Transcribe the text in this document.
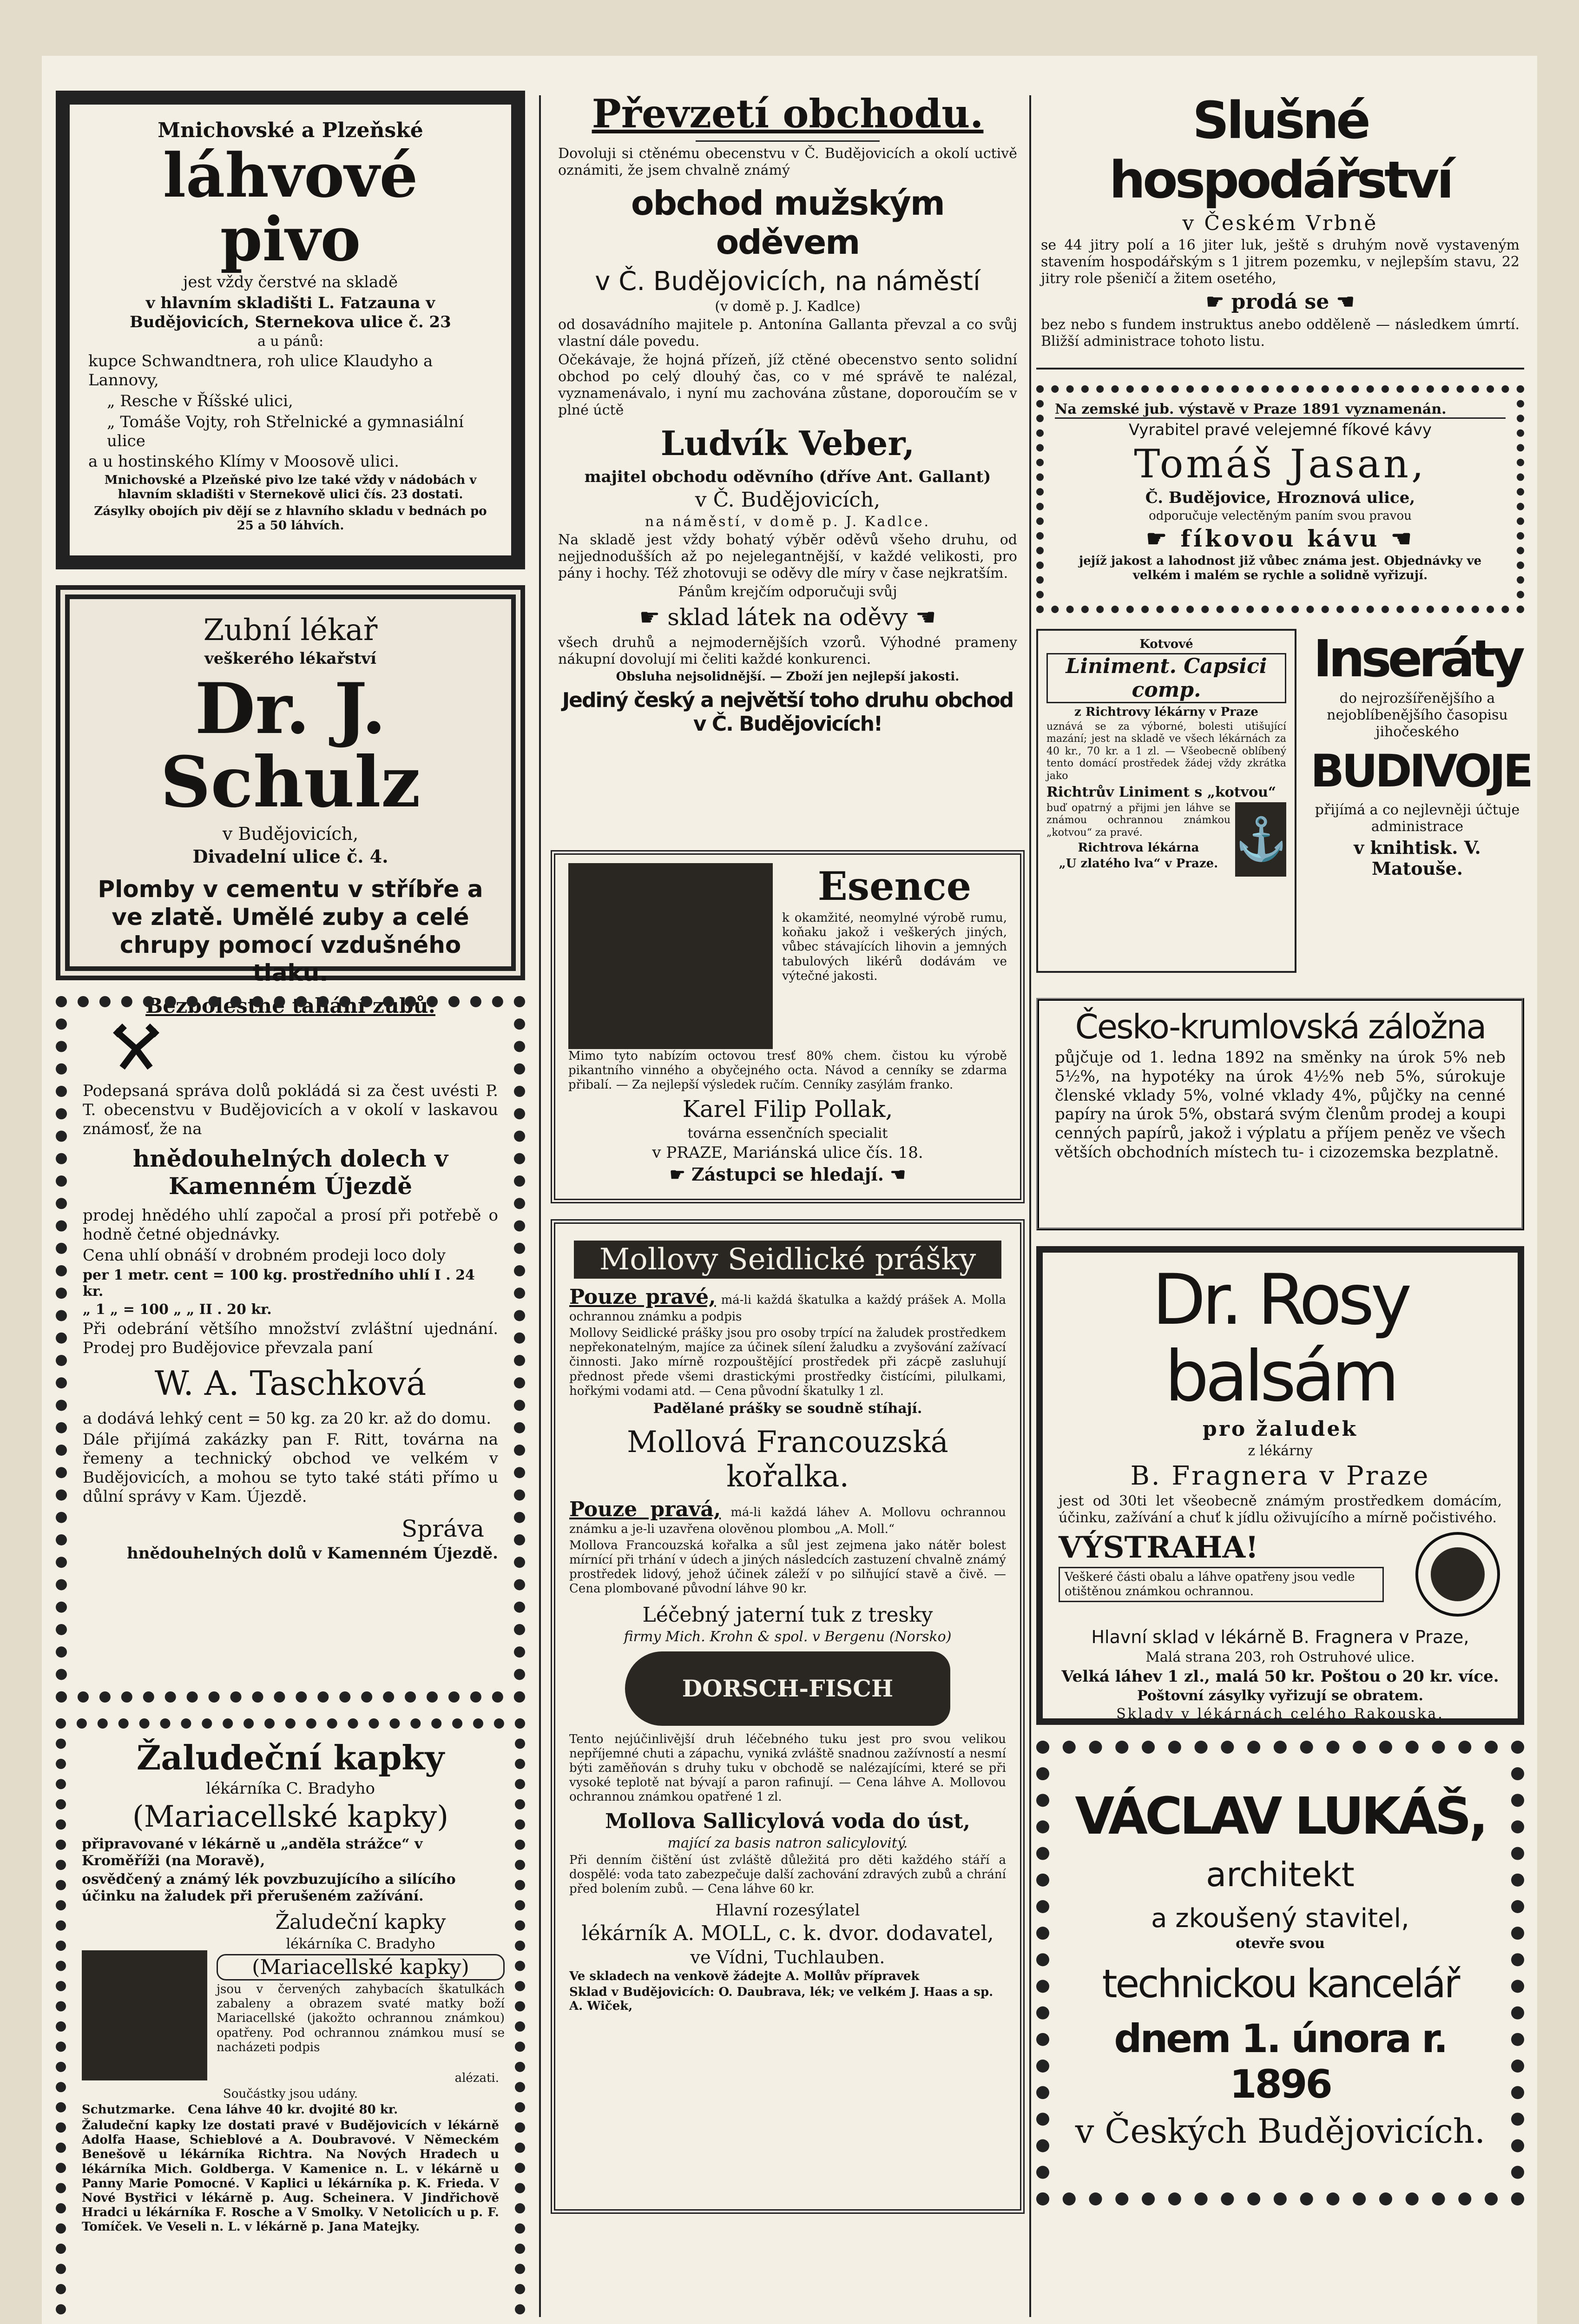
Mnichovské a Plzeňské

láhvové pivo

jest vždy čerstvé na skladě

v hlavním skladišti L. Fatzauna v Budějovicích, Sternekova ulice č. 23

a u pánů:

kupce Schwandtnera, roh ulice Klaudyho a Lannovy,

„ Resche v Říšské ulici,

„ Tomáše Vojty, roh Střelnické a gymnasiální ulice

a u hostinského Klímy v Moosově ulici.

Mnichovské a Plzeňské pivo lze také vždy v nádobách v hlavním skladišti v Sternekově ulici čís. 23 dostati.

Zásylky obojích piv dějí se z hlavního skladu v bednách po 25 a 50 láhvích.

Zubní lékař

veškerého lékařství

Dr. J. Schulz

v Budějovicích,

Divadelní ulice č. 4.

Plomby v cementu v stříbře a ve zlatě. Umělé zuby a celé chrupy pomocí vzdušného tlaku.

Bezbolestné tahání zubů.

Podepsaná správa dolů pokládá si za čest uvésti P. T. obecenstvu v Budějovicích a v okolí v laskavou známosť, že na

hnědouhelných dolech v Kamenném Újezdě

prodej hnědého uhlí započal a prosí při potřebě o hodně četné objednávky.

Cena uhlí obnáší v drobném prodeji loco doly

per 1 metr. cent = 100 kg. prostředního uhlí I . 24 kr.

„ 1 „ = 100 „ „ II . 20 kr.

Při odebrání většího množství zvláštní ujednání. Prodej pro Budějovice převzala paní

W. A. Taschková

a dodává lehký cent = 50 kg. za 20 kr. až do domu.

Dále přijímá zakázky pan F. Ritt, továrna na řemeny a technický obchod ve velkém v Budějovicích, a mohou se tyto také státi přímo u důlní správy v Kam. Újezdě.

Správa

hnědouhelných dolů v Kamenném Újezdě.

Žaludeční kapky

lékárníka C. Bradyho

(Mariacellské kapky)

připravované v lékárně u „anděla strážce“ v Kroměříži (na Moravě),

osvědčený a známý lék povzbuzujícího a silícího účinku na žaludek při přerušeném zažívání.

Žaludeční kapky

lékárníka C. Bradyho

(Mariacellské kapky)

jsou v červených zahybacích škatulkách zabaleny a obrazem svaté matky boží Mariacellské (jakožto ochrannou známkou) opatřeny. Pod ochrannou známkou musí se nacházeti podpis

alézati.

Součástky jsou udány.

Schutzmarke. Cena láhve 40 kr. dvojité 80 kr.

Žaludeční kapky lze dostati pravé v Budějovicích v lékárně Adolfa Haase, Schieblové a A. Doubravové. V Německém Benešově u lékárníka Richtra. Na Nových Hradech u lékárníka Mich. Goldberga. V Kamenice n. L. v lékárně u Panny Marie Pomocné. V Kaplici u lékárníka p. K. Frieda. V Nové Bystřici v lékárně p. Aug. Scheinera. V Jindřichově Hradci u lékárníka F. Rosche a V Smolky. V Netolicích u p. F. Tomíček. Ve Veseli n. L. v lékárně p. Jana Matejky.

Převzetí obchodu.

Dovoluji si ctěnému obecenstvu v Č. Budějovicích a okolí uctivě oznámiti, že jsem chvalně známý

obchod mužským oděvem

v Č. Budějovicích, na náměstí

(v domě p. J. Kadlce)

od dosavádního majitele p. Antonína Gallanta převzal a co svůj vlastní dále povedu.

Očekávaje, že hojná přízeň, jíž ctěné obecenstvo sento solidní obchod po celý dlouhý čas, co v mé správě te nalézal, vyznamenávalo, i nyní mu zachována zůstane, doporoučím se v plné úctě

Ludvík Veber,

majitel obchodu oděvního (dříve Ant. Gallant)

v Č. Budějovicích,

na náměstí, v domě p. J. Kadlce.

Na skladě jest vždy bohatý výběr oděvů všeho druhu, od nejjednodušších až po nejelegantnější, v každé velikosti, pro pány i hochy. Též zhotovuji se oděvy dle míry v čase nejkratším.

Pánům krejčím odporučuji svůj

☛ sklad látek na oděvy ☚

všech druhů a nejmodernějších vzorů. Výhodné prameny nákupní dovolují mi čeliti každé konkurenci.

Obsluha nejsolidnější. — Zboží jen nejlepší jakosti.

Jediný český a největší toho druhu obchod v Č. Budějovicích!

Esence

k okamžité, neomylné výrobě rumu, koňaku jakož i veškerých jiných, vůbec stávajících lihovin a jemných tabulových likérů dodávám ve výtečné jakosti.

Mimo tyto nabízím octovou tresť 80% chem. čistou ku výrobě pikantního vinného a obyčejného octa. Návod a cenníky se zdarma přibalí. — Za nejlepší výsledek ručím. Cenníky zasýlám franko.

Karel Filip Pollak,

továrna essenčních specialit

v PRAZE, Mariánská ulice čís. 18.

☛ Zástupci se hledají. ☚

Mollovy Seidlické prášky

Pouze pravé, má-li každá škatulka a každý prášek A. Molla ochrannou známku a podpis

Mollovy Seidlické prášky jsou pro osoby trpící na žaludek prostředkem nepřekonatelným, majíce za účinek sílení žaludku a zvyšování zažívací činnosti. Jako mírně rozpouštějící prostředek při zácpě zasluhují přednost přede všemi drastickými prostředky čistícími, pilulkami, hořkými vodami atd. — Cena původní škatulky 1 zl.

Padělané prášky se soudně stíhají.

Mollová Francouzská kořalka.

Pouze pravá, má-li každá láhev A. Mollovu ochrannou známku a je-li uzavřena olověnou plombou „A. Moll.“

Mollova Francouzská kořalka a sůl jest zejmena jako nátěr bolest mírnící při trhání v údech a jiných následcích zastuzení chvalně známý prostředek lidový, jehož účinek záleží v po silňující stavě a čivě. — Cena plombované původní láhve 90 kr.

Léčebný jaterní tuk z tresky

firmy Mich. Krohn & spol. v Bergenu (Norsko)

DORSCH-FISCH

Tento nejúčinlivější druh léčebného tuku jest pro svou velikou nepříjemné chuti a zápachu, vyniká zvláště snadnou zažívností a nesmí býti zaměňován s druhy tuku v obchodě se nalézajícími, které se při vysoké teplotě nat bývají a paron rafinují. — Cena láhve A. Mollovou ochrannou známkou opatřené 1 zl.

Mollova Sallicylová voda do úst,

mající za basis natron salicylovitý.

Při denním čištění úst zvláště důležitá pro děti každého stáří a dospělé: voda tato zabezpečuje další zachování zdravých zubů a chrání před bolením zubů. — Cena láhve 60 kr.

Hlavní rozesýlatel

lékárník A. MOLL, c. k. dvor. dodavatel,

ve Vídni, Tuchlauben.

Ve skladech na venkově žádejte A. Mollův přípravek

Sklad v Budějovicích: O. Daubrava, lék; ve velkém J. Haas a sp. A. Wiček,

Slušné hospodářství

v Českém Vrbně

se 44 jitry polí a 16 jiter luk, ještě s druhým nově vystaveným stavením hospodářským s 1 jitrem pozemku, v nejlepším stavu, 22 jitry role pšeničí a žitem osetého,

☛ prodá se ☚

bez nebo s fundem instruktus anebo odděleně — následkem úmrtí. Bližší administrace tohoto listu.

Na zemské jub. výstavě v Praze 1891 vyznamenán.

Vyrabitel pravé velejemné fíkové kávy

Tomáš Jasan,

Č. Budějovice, Hroznová ulice,

odporučuje velectěným paním svou pravou

☛ fíkovou kávu ☚

jejíž jakost a lahodnost již vůbec známa jest. Objednávky ve velkém i malém se rychle a solidně vyřizují.

Kotvové

Liniment. Capsici comp.

z Richtrovy lékárny v Praze

uznává se za výborné, bolesti utišující mazání; jest na skladě ve všech lékárnách za 40 kr., 70 kr. a 1 zl. — Všeobecně oblíbený tento domácí prostředek žádej vždy zkrátka jako

Richtrův Liniment s „kotvou“

⚓

buď opatrný a přijmi jen láhve se známou ochrannou známkou „kotvou“ za pravé.

Richtrova lékárna

„U zlatého lva“ v Praze.

Inseráty

do nejrozšířenějšího a nejoblíbenějšího časopisu jihočeského

BUDIVOJE

přijímá a co nejlevněji účtuje administrace

v knihtisk. V. Matouše.

Česko-krumlovská záložna

půjčuje od 1. ledna 1892 na směnky na úrok 5% neb 5½%, na hypotéky na úrok 4½% neb 5%, súrokuje členské vklady 5%, volné vklady 4%, půjčky na cenné papíry na úrok 5%, obstará svým členům prodej a koupi cenných papírů, jakož i výplatu a příjem peněz ve všech větších obchodních místech tu- i cizozemska bezplatně.

Dr. Rosy balsám

pro žaludek

z lékárny

B. Fragnera v Praze

jest od 30ti let všeobecně známým prostředkem domácím, účinku, zažívání a chuť k jídlu oživujícího a mírně počistivého.

VÝSTRAHA!

Veškeré části obalu a láhve opatřeny jsou vedle otištěnou známkou ochrannou.

Hlavní sklad v lékárně B. Fragnera v Praze,

Malá strana 203, roh Ostruhové ulice.

Velká láhev 1 zl., malá 50 kr. Poštou o 20 kr. více.

Poštovní zásylky vyřizují se obratem.

Sklady v lékárnách celého Rakouska.

VÁCLAV LUKÁŠ,

architekt

a zkoušený stavitel,

otevře svou

technickou kancelář

dnem 1. února r. 1896

v Českých Budějovicích.
